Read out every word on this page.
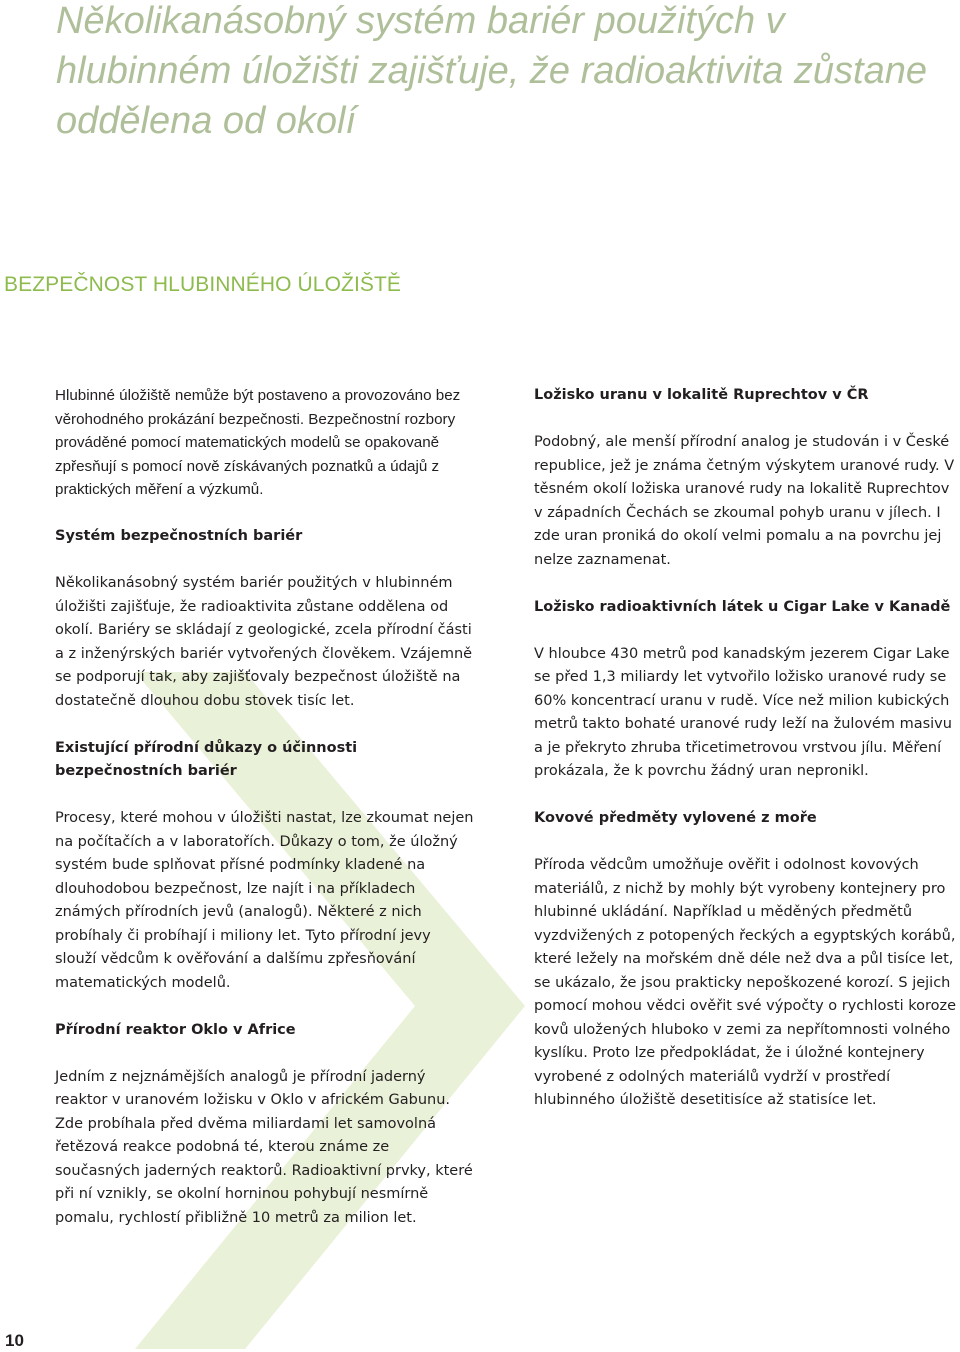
Několikanásobný systém bariér použitých v hlubinném úložišti zajišťuje, že radioaktivita zůstane oddělena od okolí
BEZPEČNOST HLUBINNÉHO ÚLOŽIŠTĚ

Hlubinné úložiště nemůže být postaveno a provozováno bez věrohodného prokázání bezpečnosti. Bezpečnostní rozbory prováděné pomocí matematických modelů se opakovaně zpřesňují s pomocí nově získávaných poznatků a údajů z praktických měření a výzkumů.

Systém bezpečnostních bariér

Několikanásobný systém bariér použitých v hlubinném úložišti zajišťuje, že radioaktivita zůstane oddělena od okolí. Bariéry se skládají z geologické, zcela přírodní části a z inženýrských bariér vytvořených člověkem. Vzájemně se podporují tak, aby zajišťovaly bezpečnost úložiště na dostatečně dlouhou dobu stovek tisíc let.

Existující přírodní důkazy o účinnosti bezpečnostních bariér

Procesy, které mohou v úložišti nastat, lze zkoumat nejen na počítačích a v laboratořích. Důkazy o tom, že úložný systém bude splňovat přísné podmínky kladené na dlouhodobou bezpečnost, lze najít i na příkladech známých přírodních jevů (analogů). Některé z nich probíhaly či probíhají i miliony let. Tyto přírodní jevy slouží vědcům k ověřování a dalšímu zpřesňování matematických modelů.

Přírodní reaktor Oklo v Africe

Jedním z nejznámějších analogů je přírodní jaderný reaktor v uranovém ložisku v Oklo v africkém Gabunu. Zde probíhala před dvěma miliardami let samovolná řetězová reakce podobná té, kterou známe ze současných jaderných reaktorů. Radioaktivní prvky, které při ní vznikly, se okolní horninou pohybují nesmírně pomalu, rychlostí přibližně 10 metrů za milion let.

Ložisko uranu v lokalitě Ruprechtov v ČR

Podobný, ale menší přírodní analog je studován i v České republice, jež je známa četným výskytem uranové rudy. V těsném okolí ložiska uranové rudy na lokalitě Ruprechtov v západních Čechách se zkoumal pohyb uranu v jílech. I zde uran proniká do okolí velmi pomalu a na povrchu jej nelze zaznamenat.

Ložisko radioaktivních látek u Cigar Lake v Kanadě

V hloubce 430 metrů pod kanadským jezerem Cigar Lake se před 1,3 miliardy let vytvořilo ložisko uranové rudy se 60% koncentrací uranu v rudě. Více než milion kubických metrů takto bohaté uranové rudy leží na žulovém masivu a je překryto zhruba třicetimetrovou vrstvou jílu. Měření prokázala, že k povrchu žádný uran nepronikl.

Kovové předměty vylovené z moře

Příroda vědcům umožňuje ověřit i odolnost kovových materiálů, z nichž by mohly být vyrobeny kontejnery pro hlubinné ukládání. Například u měděných předmětů vyzdvižených z potopených řeckých a egyptských korábů, které ležely na mořském dně déle než dva a půl tisíce let, se ukázalo, že jsou prakticky nepoškozené korozí. S jejich pomocí mohou vědci ověřit své výpočty o rychlosti koroze kovů uložených hluboko v zemi za nepřítomnosti volného kyslíku. Proto lze předpokládat, že i úložné kontejnery vyrobené z odolných materiálů vydrží v prostředí hlubinného úložiště desetitisíce až statisíce let.

10
